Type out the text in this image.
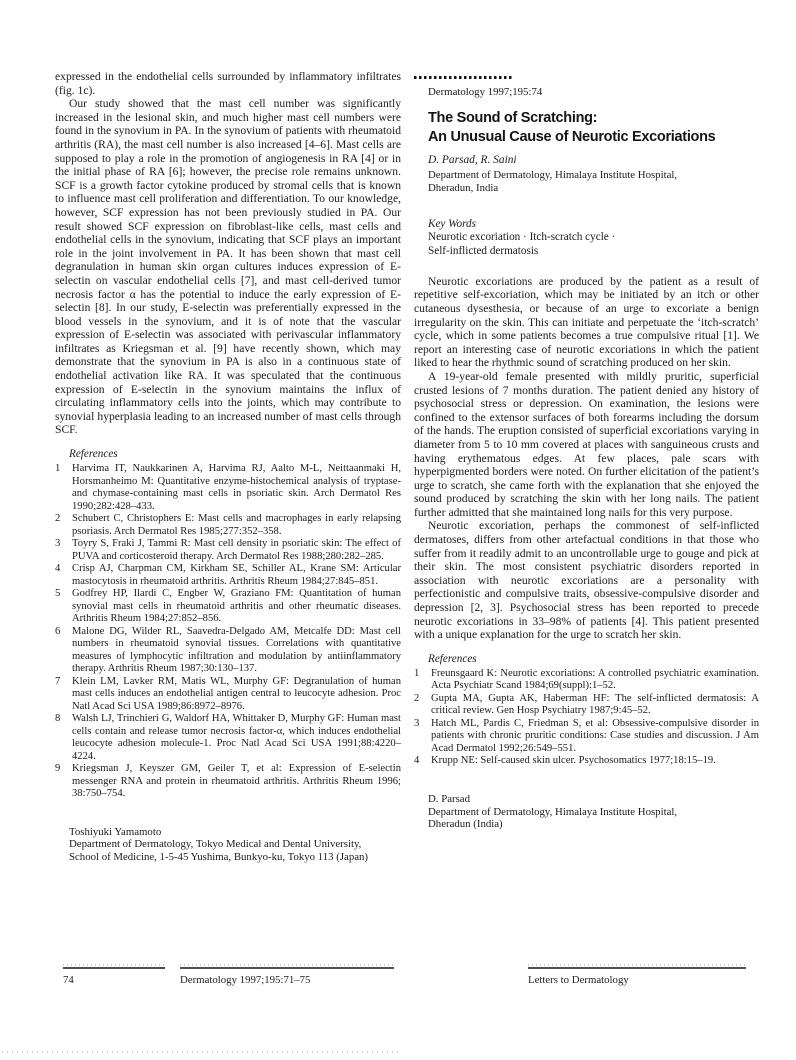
expressed in the endothelial cells surrounded by inflammatory infiltrates (fig. 1c).

Our study showed that the mast cell number was significantly increased in the lesional skin, and much higher mast cell numbers were found in the synovium in PA. In the synovium of patients with rheumatoid arthritis (RA), the mast cell number is also increased [4–6]. Mast cells are supposed to play a role in the promotion of angiogenesis in RA [4] or in the initial phase of RA [6]; however, the precise role remains unknown. SCF is a growth factor cytokine produced by stromal cells that is known to influence mast cell proliferation and differentiation. To our knowledge, however, SCF expression has not been previously studied in PA. Our result showed SCF expression on fibroblast-like cells, mast cells and endothelial cells in the synovium, indicating that SCF plays an important role in the joint involvement in PA. It has been shown that mast cell degranulation in human skin organ cultures induces expression of E-selectin on vascular endothelial cells [7], and mast cell-derived tumor necrosis factor α has the potential to induce the early expression of E-selectin [8]. In our study, E-selectin was preferentially expressed in the blood vessels in the synovium, and it is of note that the vascular expression of E-selectin was associated with perivascular inflammatory infiltrates as Kriegsman et al. [9] have recently shown, which may demonstrate that the synovium in PA is also in a continuous state of endothelial activation like RA. It was speculated that the continuous expression of E-selectin in the synovium maintains the influx of circulating inflammatory cells into the joints, which may contribute to synovial hyperplasia leading to an increased number of mast cells through SCF.

References
1 Harvima IT, Naukkarinen A, Harvima RJ, Aalto M-L, Neittaanmaki H, Horsmanheimo M: Quantitative enzyme-histochemical analysis of tryptase- and chymase-containing mast cells in psoriatic skin. Arch Dermatol Res 1990;282:428–433.
2 Schubert C, Christophers E: Mast cells and macrophages in early relapsing psoriasis. Arch Dermatol Res 1985;277:352–358.
3 Toyry S, Fraki J, Tammi R: Mast cell density in psoriatic skin: The effect of PUVA and corticosteroid therapy. Arch Dermatol Res 1988;280:282–285.
4 Crisp AJ, Charpman CM, Kirkham SE, Schiller AL, Krane SM: Articular mastocytosis in rheumatoid arthritis. Arthritis Rheum 1984;27:845–851.
5 Godfrey HP, Ilardi C, Engber W, Graziano FM: Quantitation of human synovial mast cells in rheumatoid arthritis and other rheumatic diseases. Arthritis Rheum 1984;27:852–856.
6 Malone DG, Wilder RL, Saavedra-Delgado AM, Metcalfe DD: Mast cell numbers in rheumatoid synovial tissues. Correlations with quantitative measures of lymphocytic infiltration and modulation by antiinflammatory therapy. Arthritis Rheum 1987;30:130–137.
7 Klein LM, Lavker RM, Matis WL, Murphy GF: Degranulation of human mast cells induces an endothelial antigen central to leucocyte adhesion. Proc Natl Acad Sci USA 1989;86:8972–8976.
8 Walsh LJ, Trinchieri G, Waldorf HA, Whittaker D, Murphy GF: Human mast cells contain and release tumor necrosis factor-α, which induces endothelial leucocyte adhesion molecule-1. Proc Natl Acad Sci USA 1991;88:4220–4224.
9 Kriegsman J, Keyszer GM, Geiler T, et al: Expression of E-selectin messenger RNA and protein in rheumatoid arthritis. Arthritis Rheum 1996; 38:750–754.
Toshiyuki Yamamoto
Department of Dermatology, Tokyo Medical and Dental University,
School of Medicine, 1-5-45 Yushima, Bunkyo-ku, Tokyo 113 (Japan)
Dermatology 1997;195:74
The Sound of Scratching:
An Unusual Cause of Neurotic Excoriations
D. Parsad, R. Saini
Department of Dermatology, Himalaya Institute Hospital,
Dheradun, India
Key Words
Neurotic excoriation · Itch-scratch cycle ·
Self-inflicted dermatosis

Neurotic excoriations are produced by the patient as a result of repetitive self-excoriation, which may be initiated by an itch or other cutaneous dysesthesia, or because of an urge to excoriate a benign irregularity on the skin. This can initiate and perpetuate the ‘itch-scratch’ cycle, which in some patients becomes a true compulsive ritual [1]. We report an interesting case of neurotic excoriations in which the patient liked to hear the rhythmic sound of scratching produced on her skin.

A 19-year-old female presented with mildly pruritic, superficial crusted lesions of 7 months duration. The patient denied any history of psychosocial stress or depression. On examination, the lesions were confined to the extensor surfaces of both forearms including the dorsum of the hands. The eruption consisted of superficial excoriations varying in diameter from 5 to 10 mm covered at places with sanguineous crusts and having erythematous edges. At few places, pale scars with hyperpigmented borders were noted. On further elicitation of the patient’s urge to scratch, she came forth with the explanation that she enjoyed the sound produced by scratching the skin with her long nails. The patient further admitted that she maintained long nails for this very purpose.

Neurotic excoriation, perhaps the commonest of self-inflicted dermatoses, differs from other artefactual conditions in that those who suffer from it readily admit to an uncontrollable urge to gouge and pick at their skin. The most consistent psychiatric disorders reported in association with neurotic excoriations are a personality with perfectionistic and compulsive traits, obsessive-compulsive disorder and depression [2, 3]. Psychosocial stress has been reported to precede neurotic excoriations in 33–98% of patients [4]. This patient presented with a unique explanation for the urge to scratch her skin.

References
1 Freunsgaard K: Neurotic excoriations: A controlled psychiatric examination. Acta Psychiatr Scand 1984;69(suppl):1–52.
2 Gupta MA, Gupta AK, Haberman HF: The self-inflicted dermatosis: A critical review. Gen Hosp Psychiatry 1987;9:45–52.
3 Hatch ML, Pardis C, Friedman S, et al: Obsessive-compulsive disorder in patients with chronic pruritic conditions: Case studies and discussion. J Am Acad Dermatol 1992;26:549–551.
4 Krupp NE: Self-caused skin ulcer. Psychosomatics 1977;18:15–19.
D. Parsad
Department of Dermatology, Himalaya Institute Hospital,
Dheradun (India)
74	Dermatology 1997;195:71–75	Letters to Dermatology
